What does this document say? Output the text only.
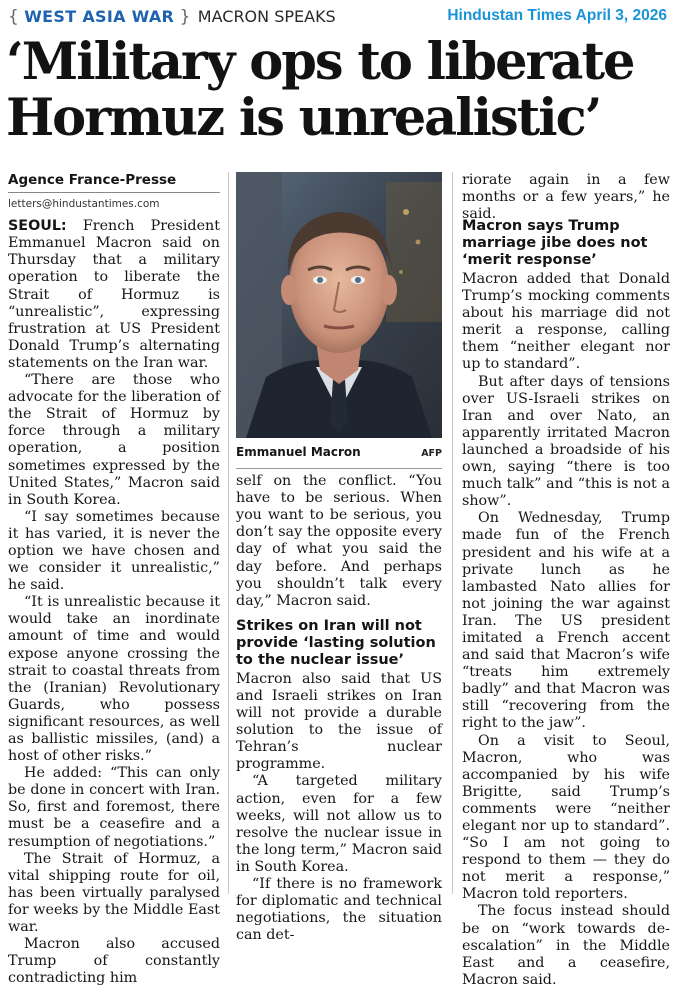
{ WEST ASIA WAR } MACRON SPEAKS	Hindustan Times April 3, 2026
‘Military ops to liberate
Hormuz is unrealistic’
Agence France-Presse
letters@hindustantimes.com

SEOUL: French President Emmanuel Macron said on Thursday that a military operation to liberate the Strait of Hormuz is “unrealistic”, expressing frustration at US President Donald Trump’s alternating statements on the Iran war.

“There are those who advocate for the liberation of the Strait of Hormuz by force through a military operation, a position sometimes expressed by the United States,” Macron said in South Korea.

“I say sometimes because it has varied, it is never the option we have chosen and we consider it unrealistic,” he said.

“It is unrealistic because it would take an inordinate amount of time and would expose anyone crossing the strait to coastal threats from the (Iranian) Revolutionary Guards, who possess significant resources, as well as ballistic missiles, (and) a host of other risks.”

He added: “This can only be done in concert with Iran. So, first and foremost, there must be a ceasefire and a resumption of negotiations.”

The Strait of Hormuz, a vital shipping route for oil, has been virtually paralysed for weeks by the Middle East war.

Macron also accused Trump of constantly contradicting him

Emmanuel Macron	AFP

self on the conflict. “You have to be serious. When you want to be serious, you don’t say the opposite every day of what you said the day before. And perhaps you shouldn’t talk every day,” Macron said.

Strikes on Iran will not provide ‘lasting solution to the nuclear issue’

Macron also said that US and Israeli strikes on Iran will not provide a durable solution to the issue of Tehran’s nuclear programme.

“A targeted military action, even for a few weeks, will not allow us to resolve the nuclear issue in the long term,” Macron said in South Korea.

“If there is no framework for diplomatic and technical negotiations, the situation can det-

riorate again in a few months or a few years,” he said.

Macron says Trump marriage jibe does not ‘merit response’

Macron added that Donald Trump’s mocking comments about his marriage did not merit a response, calling them “neither elegant nor up to standard”.

But after days of tensions over US-Israeli strikes on Iran and over Nato, an apparently irritated Macron launched a broadside of his own, saying “there is too much talk” and “this is not a show”.

On Wednesday, Trump made fun of the French president and his wife at a private lunch as he lambasted Nato allies for not joining the war against Iran. The US president imitated a French accent and said that Macron’s wife “treats him extremely badly” and that Macron was still “recovering from the right to the jaw”.

On a visit to Seoul, Macron, who was accompanied by his wife Brigitte, said Trump’s comments were “neither elegant nor up to standard”. “So I am not going to respond to them — they do not merit a response,” Macron told reporters.

The focus instead should be on “work towards de-escalation” in the Middle East and a ceasefire, Macron said.
